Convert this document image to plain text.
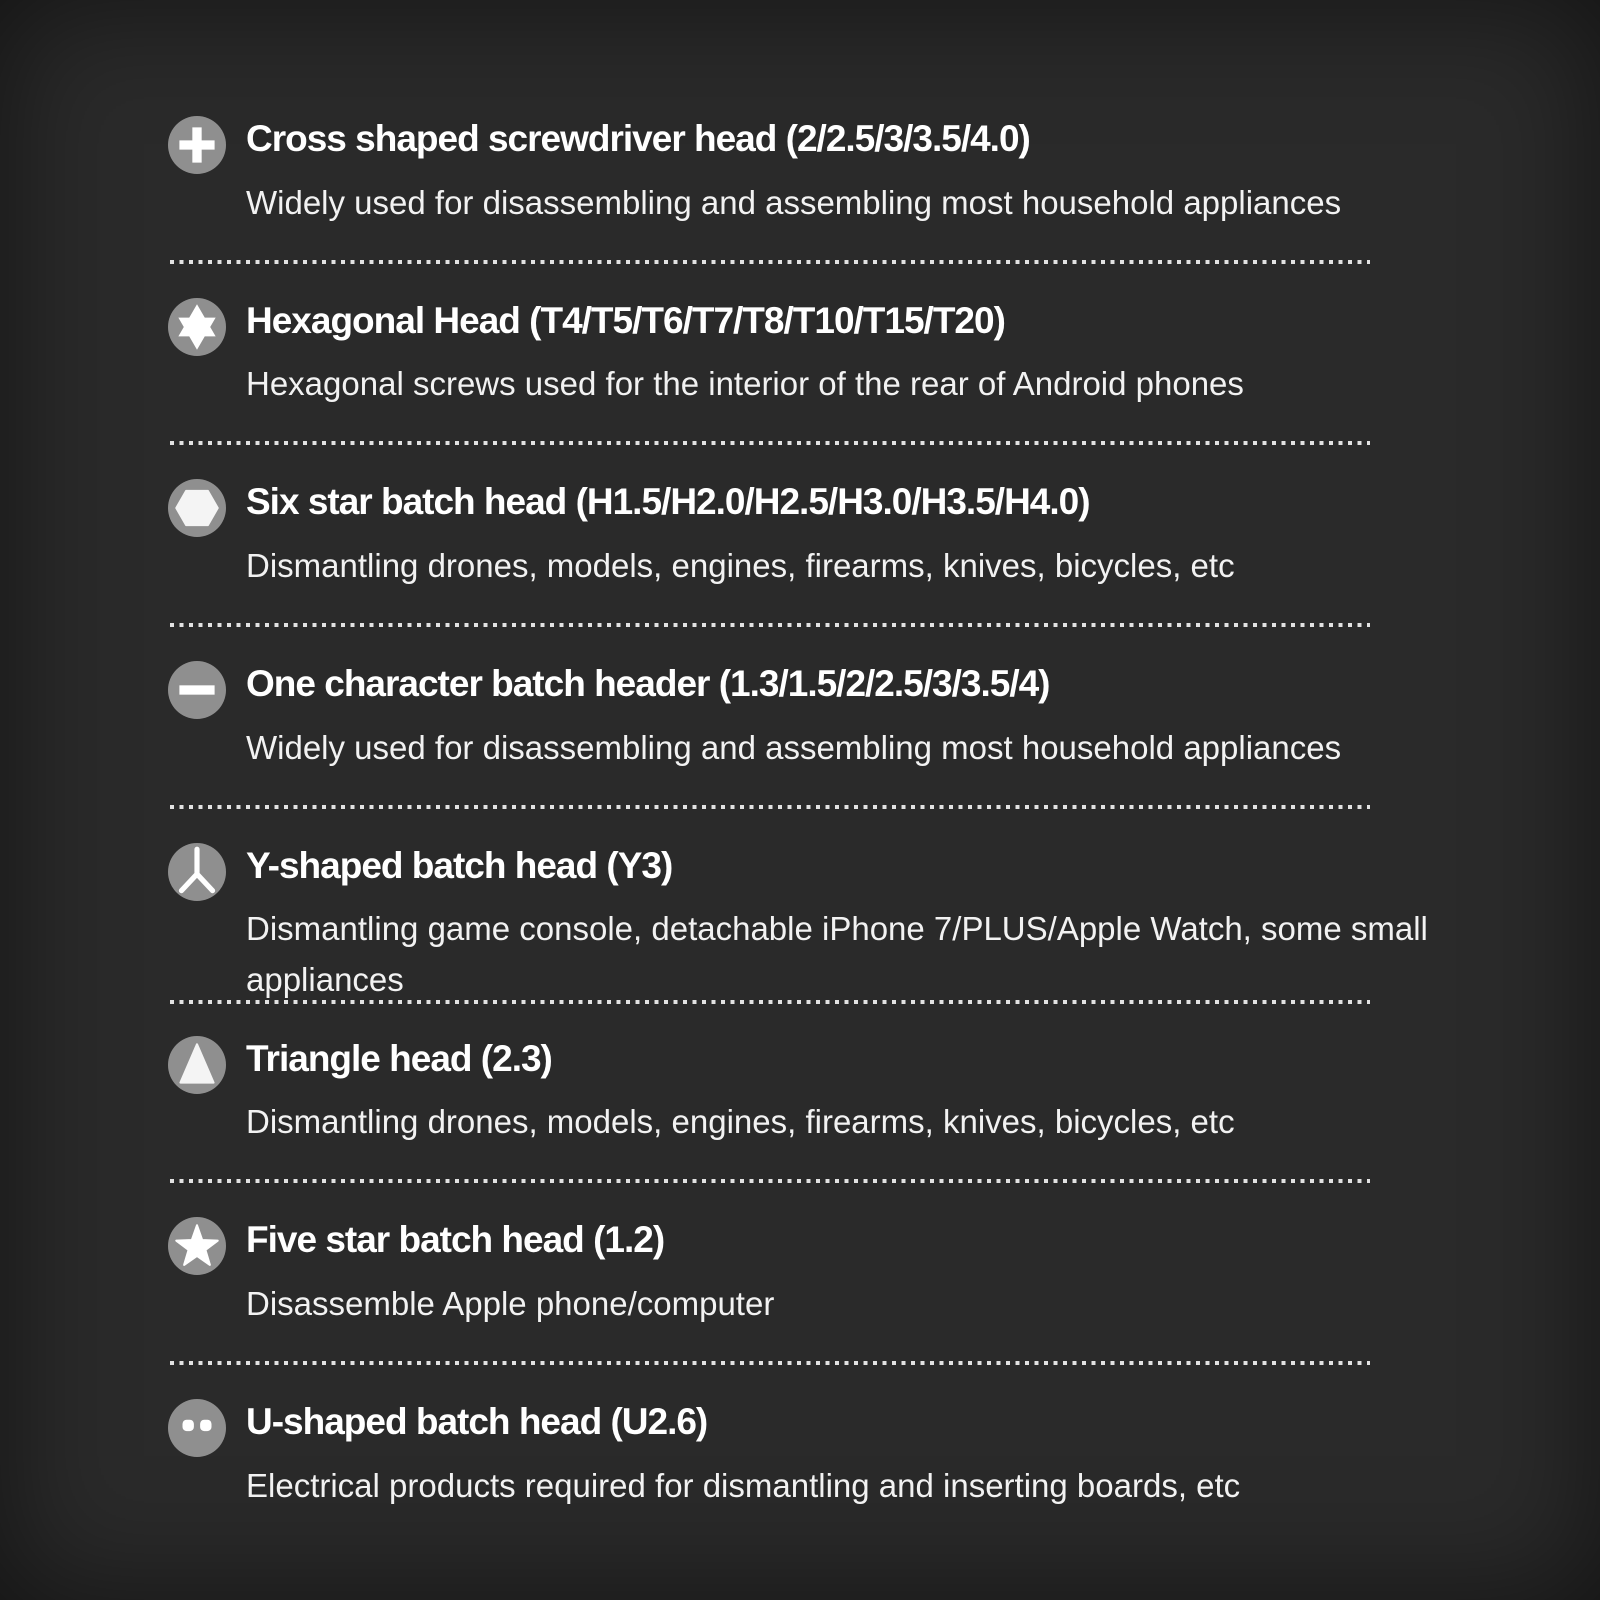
Cross shaped screwdriver head (2/2.5/3/3.5/4.0)

Widely used for disassembling and assembling most household appliances

Hexagonal Head (T4/T5/T6/T7/T8/T10/T15/T20)

Hexagonal screws used for the interior of the rear of Android phones

Six star batch head (H1.5/H2.0/H2.5/H3.0/H3.5/H4.0)

Dismantling drones, models, engines, firearms, knives, bicycles, etc

One character batch header (1.3/1.5/2/2.5/3/3.5/4)

Widely used for disassembling and assembling most household appliances

Y-shaped batch head (Y3)

Dismantling game console, detachable iPhone 7/PLUS/Apple Watch, some small appliances

Triangle head (2.3)

Dismantling drones, models, engines, firearms, knives, bicycles, etc

Five star batch head (1.2)

Disassemble Apple phone/computer

U-shaped batch head (U2.6)

Electrical products required for dismantling and inserting boards, etc
